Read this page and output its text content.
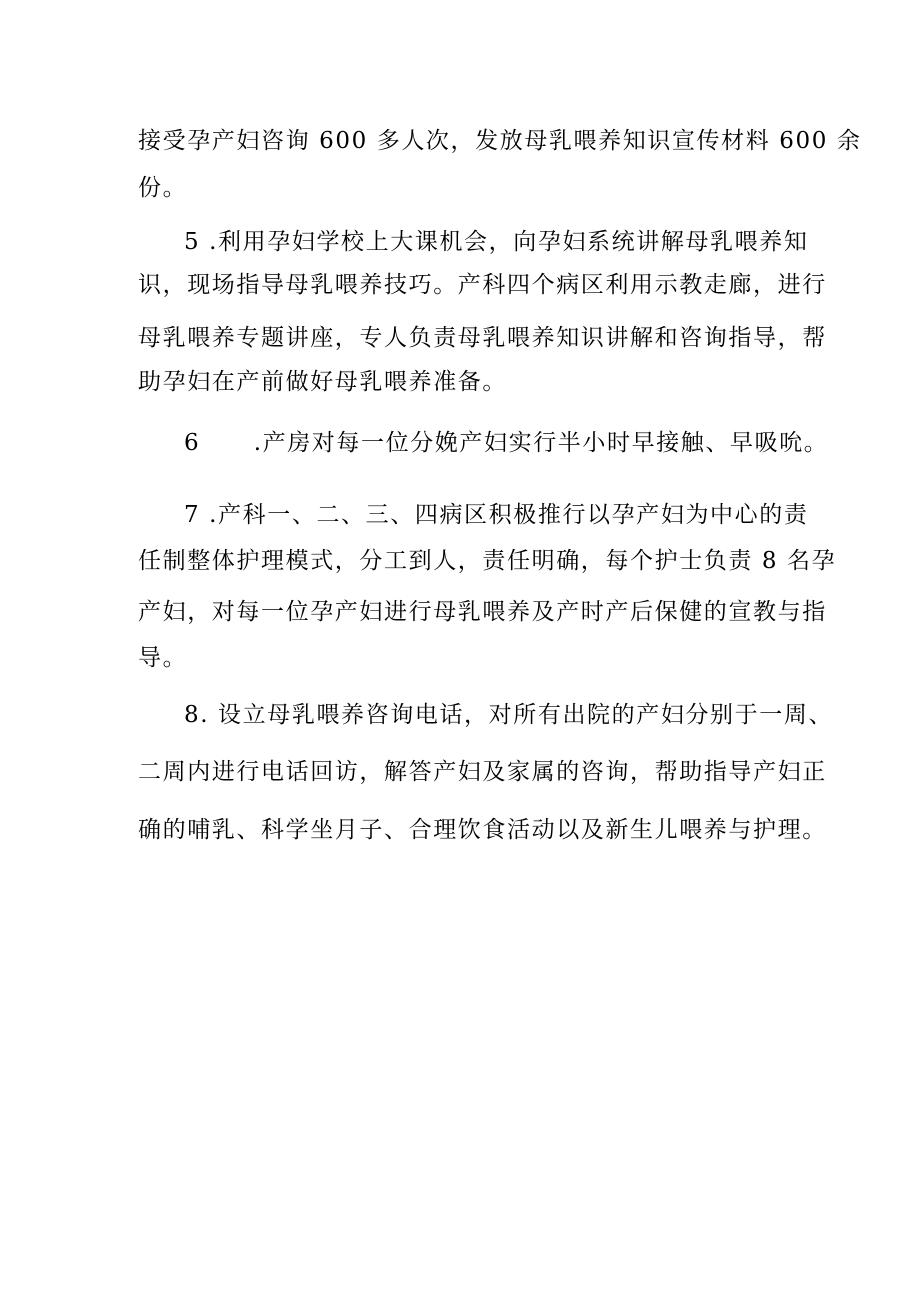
接受孕产妇咨询 600 多人次，发放母乳喂养知识宣传材料 600 余
份。
5 .利用孕妇学校上大课机会，向孕妇系统讲解母乳喂养知
识，现场指导母乳喂养技巧。产科四个病区利用示教走廊，进行
母乳喂养专题讲座，专人负责母乳喂养知识讲解和咨询指导，帮
助孕妇在产前做好母乳喂养准备。
6      .产房对每一位分娩产妇实行半小时早接触、早吸吮。
7 .产科一、二、三、四病区积极推行以孕产妇为中心的责
任制整体护理模式，分工到人，责任明确，每个护士负责 8 名孕
产妇，对每一位孕产妇进行母乳喂养及产时产后保健的宣教与指
导。
8. 设立母乳喂养咨询电话，对所有出院的产妇分别于一周、
二周内进行电话回访，解答产妇及家属的咨询，帮助指导产妇正
确的哺乳、科学坐月子、合理饮食活动以及新生儿喂养与护理。
